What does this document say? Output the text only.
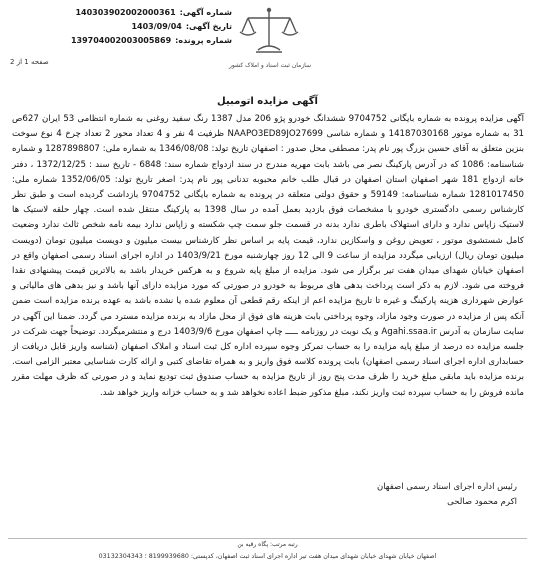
شماره آگهی:
140303902002000361
تاریخ آگهی:
1403/09/04
شماره پرونده:
139704002003005869
سازمان ثبت اسناد و املاک کشور
صفحه 1 از 2
آگهی مزایده اتومبیل

آگهی مزایده پرونده به شماره بایگانی 9704752 ششدانگ خودرو پژو 206 مدل 1387 رنگ سفید روغنی به شماره انتظامی 53 ایران 627ص 31 به شماره موتور 14187030168 و شماره شاسی NAAPO3ED89JO27699 ظرفیت 4 نفر و 4 تعداد محور 2 تعداد چرخ 4 نوع سوخت بنزین متعلق به آقای حسین بزرگ پور نام پدر: مصطفی محل صدور : اصفهان تاریخ تولد: 1346/08/08 به شماره ملی: 1287898807 و شماره شناسنامه: 1086 که در آدرس پارکینگ نصر می باشد بابت مهریه مندرج در سند ازدواج شماره سند: 6848 - تاریخ سند : 1372/12/25 ، دفتر خانه ازدواج 181 شهر اصفهان استان اصفهان در قبال طلب خانم محبوبه تدنانی پور نام پدر: اصغر تاریخ تولد: 1352/06/05 شماره ملی: 1281017450 شماره شناسنامه: 59149 و حقوق دولتی متعلقه در پرونده به شماره بایگانی 9704752 بازداشت گردیده است و طبق نظر کارشناس رسمی دادگستری خودرو با مشخصات فوق بازدید بعمل آمده در سال 1398 به پارکینگ منتقل شده است. چهار حلقه لاستیک ها لاستیک زاپاس ندارد و دارای استهلاک باطری ندارد بدنه در قسمت جلو سمت چپ شکسته و زاپاس ندارد بیمه نامه شخص ثالث ندارد وضعیت کامل شستشوی موتور ، تعویض روغن و واسکازین ندارد، قیمت پایه بر اساس نظر کارشناس بیست میلیون و دویست میلیون تومان (دویست میلیون تومان ریال) ارزیابی میگردد مزایده از ساعت 9 الی 12 روز چهارشنبه مورخ 1403/9/21 در اداره اجرای اسناد رسمی اصفهان واقع در اصفهان خیابان شهدای میدان هفت تیر برگزار می شود. مزایده از مبلغ پایه شروع و به هرکس خریدار باشد به بالاترین قیمت پیشنهادی نقدا فروخته می شود. لازم به ذکر است پرداخت بدهی های مربوط به خودرو در صورتی که مورد مزایده دارای آنها باشد و نیز بدهی های مالیاتی و عوارض شهرداری هزینه پارکینگ و غیره تا تاریخ مزایده اعم از اینکه رقم قطعی آن معلوم شده یا نشده باشد به عهده برنده مزایده است ضمن آنکه پس از مزایده در صورت وجود مازاد، وجوه پرداختی بابت هزینه های فوق از محل مازاد به برنده مزایده مسترد می گردد. ضمنا این آگهی در سایت سازمان به آدرس Agahi.ssaa.ir و یک نوبت در روزنامه ـــــ چاپ اصفهان مورخ 1403/9/6 درج و منتشرمیگردد. توضیحاً جهت شرکت در جلسه مزایده ده درصد از مبلغ پایه مزایده را به حساب تمرکز وجوه سپرده اداره کل ثبت اسناد و املاک اصفهان (شناسه واریز قابل دریافت از حسابداری اداره اجرای اسناد رسمی اصفهان) بابت پرونده کلاسه فوق واریز و به همراه تقاضای کتبی و ارائه کارت شناسایی معتبر الزامی است. برنده مزایده باید مابقی مبلغ خرید را ظرف مدت پنج روز از تاریخ مزایده به حساب صندوق ثبت تودیع نماید و در صورتی که ظرف مهلت مقرر مانده فروش را به حساب سپرده ثبت واریز نکند، مبلغ مذکور ضبط اعاده نخواهد شد و به حساب خزانه واریز خواهد شد.

رئیس اداره اجرای اسناد رسمی اصفهان
اکرم محمود صالحی
رتبه مرتب: پگاه رقیه بن
اصفهان خیابان شهدای خیابان شهدای میدان هفت تیر اداره اجرای اسناد ثبت اصفهان، کدپستی: 8199939680 ؛ 03132304343
